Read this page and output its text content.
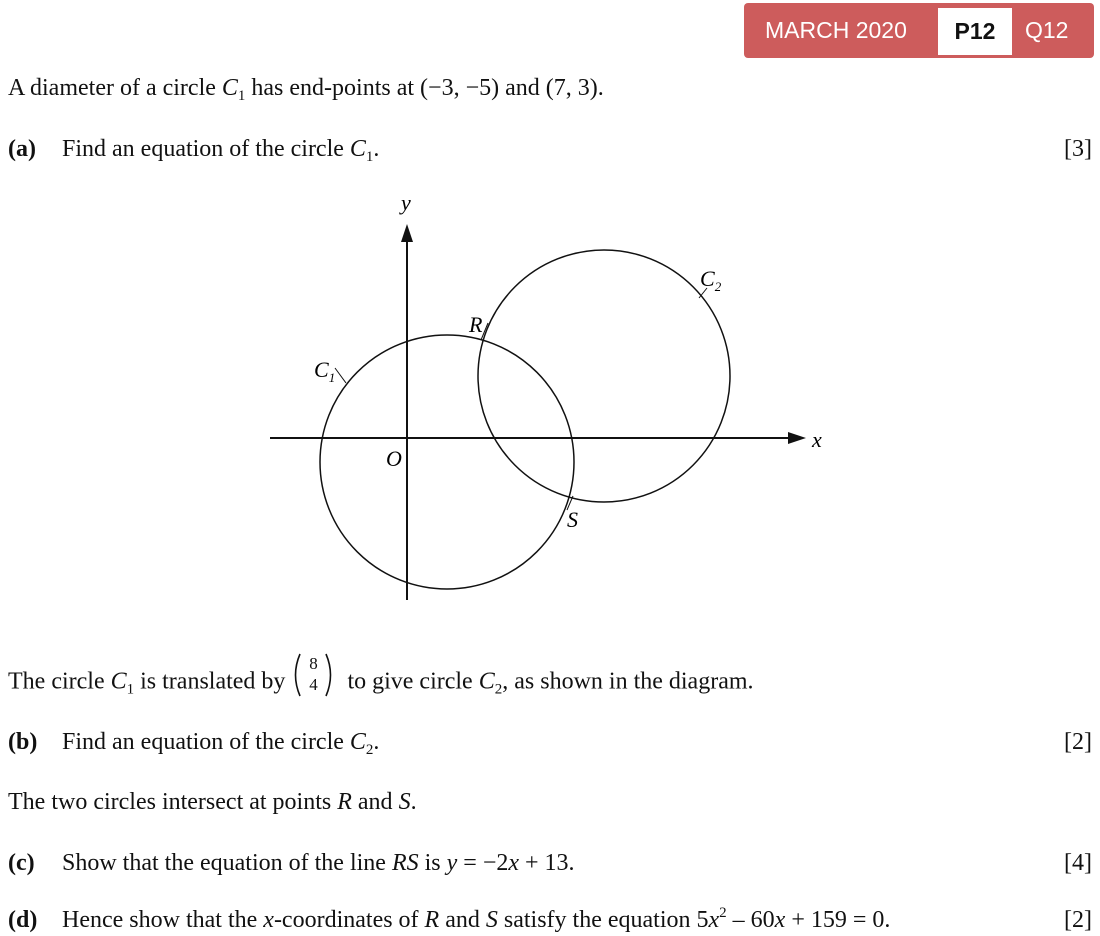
MARCH 2020	P12	Q12
A diameter of a circle $C_1$ has end-points at (−3, −5) and (7, 3).
(a) Find an equation of the circle $C_1$.	[3]
y
x
O
$C_1$
$C_2$
R
S
The circle $C_1$ is translated by
8
4 to give circle $C_2$, as shown in the diagram.
(b) Find an equation of the circle $C_2$.	[2]
The two circles intersect at points R and S.
(c) Show that the equation of the line RS is y = −2x + 13.	[4]
(d) Hence show that the x-coordinates of R and S satisfy the equation $5x^2 - 60x + 159 = 0$.	[2]
